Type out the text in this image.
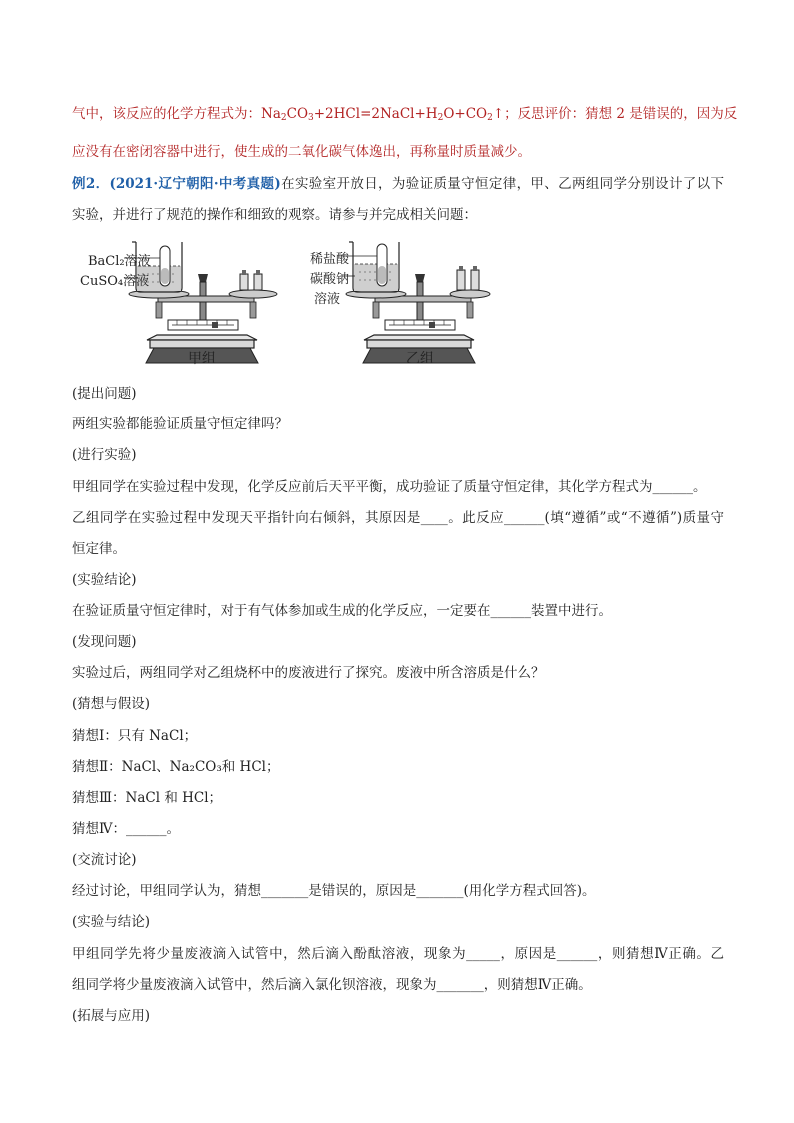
气中，该反应的化学方程式为：$Na_2CO_3+2HCl=2NaCl+H_2O+CO_2↑$；反思评价：猜想 2 是错误的，因为反
应没有在密闭容器中进行，使生成的二氧化碳气体逸出，再称量时质量减少。
例2．(2021·辽宁朝阳·中考真题)在实验室开放日，为验证质量守恒定律，甲、乙两组同学分别设计了以下
实验，并进行了规范的操作和细致的观察。请参与并完成相关问题：
BaCl₂溶液
CuSO₄溶液
甲组
稀盐酸
碳酸钠
溶液
乙组
(提出问题)
两组实验都能验证质量守恒定律吗？
(进行实验)
甲组同学在实验过程中发现，化学反应前后天平平衡，成功验证了质量守恒定律，其化学方程式为______。
乙组同学在实验过程中发现天平指针向右倾斜，其原因是____。此反应______(填“遵循”或“不遵循”)质量守
恒定律。
(实验结论)
在验证质量守恒定律时，对于有气体参加或生成的化学反应，一定要在______装置中进行。
(发现问题)
实验过后，两组同学对乙组烧杯中的废液进行了探究。废液中所含溶质是什么？
(猜想与假设)
猜想Ⅰ：只有 NaCl；
猜想Ⅱ：NaCl、Na₂CO₃和 HCl；
猜想Ⅲ：NaCl 和 HCl；
猜想Ⅳ：______。
(交流讨论)
经过讨论，甲组同学认为，猜想_______是错误的，原因是_______(用化学方程式回答)。
(实验与结论)
甲组同学先将少量废液滴入试管中，然后滴入酚酞溶液，现象为_____，原因是______，则猜想Ⅳ正确。乙
组同学将少量废液滴入试管中，然后滴入氯化钡溶液，现象为_______，则猜想Ⅳ正确。
(拓展与应用)
